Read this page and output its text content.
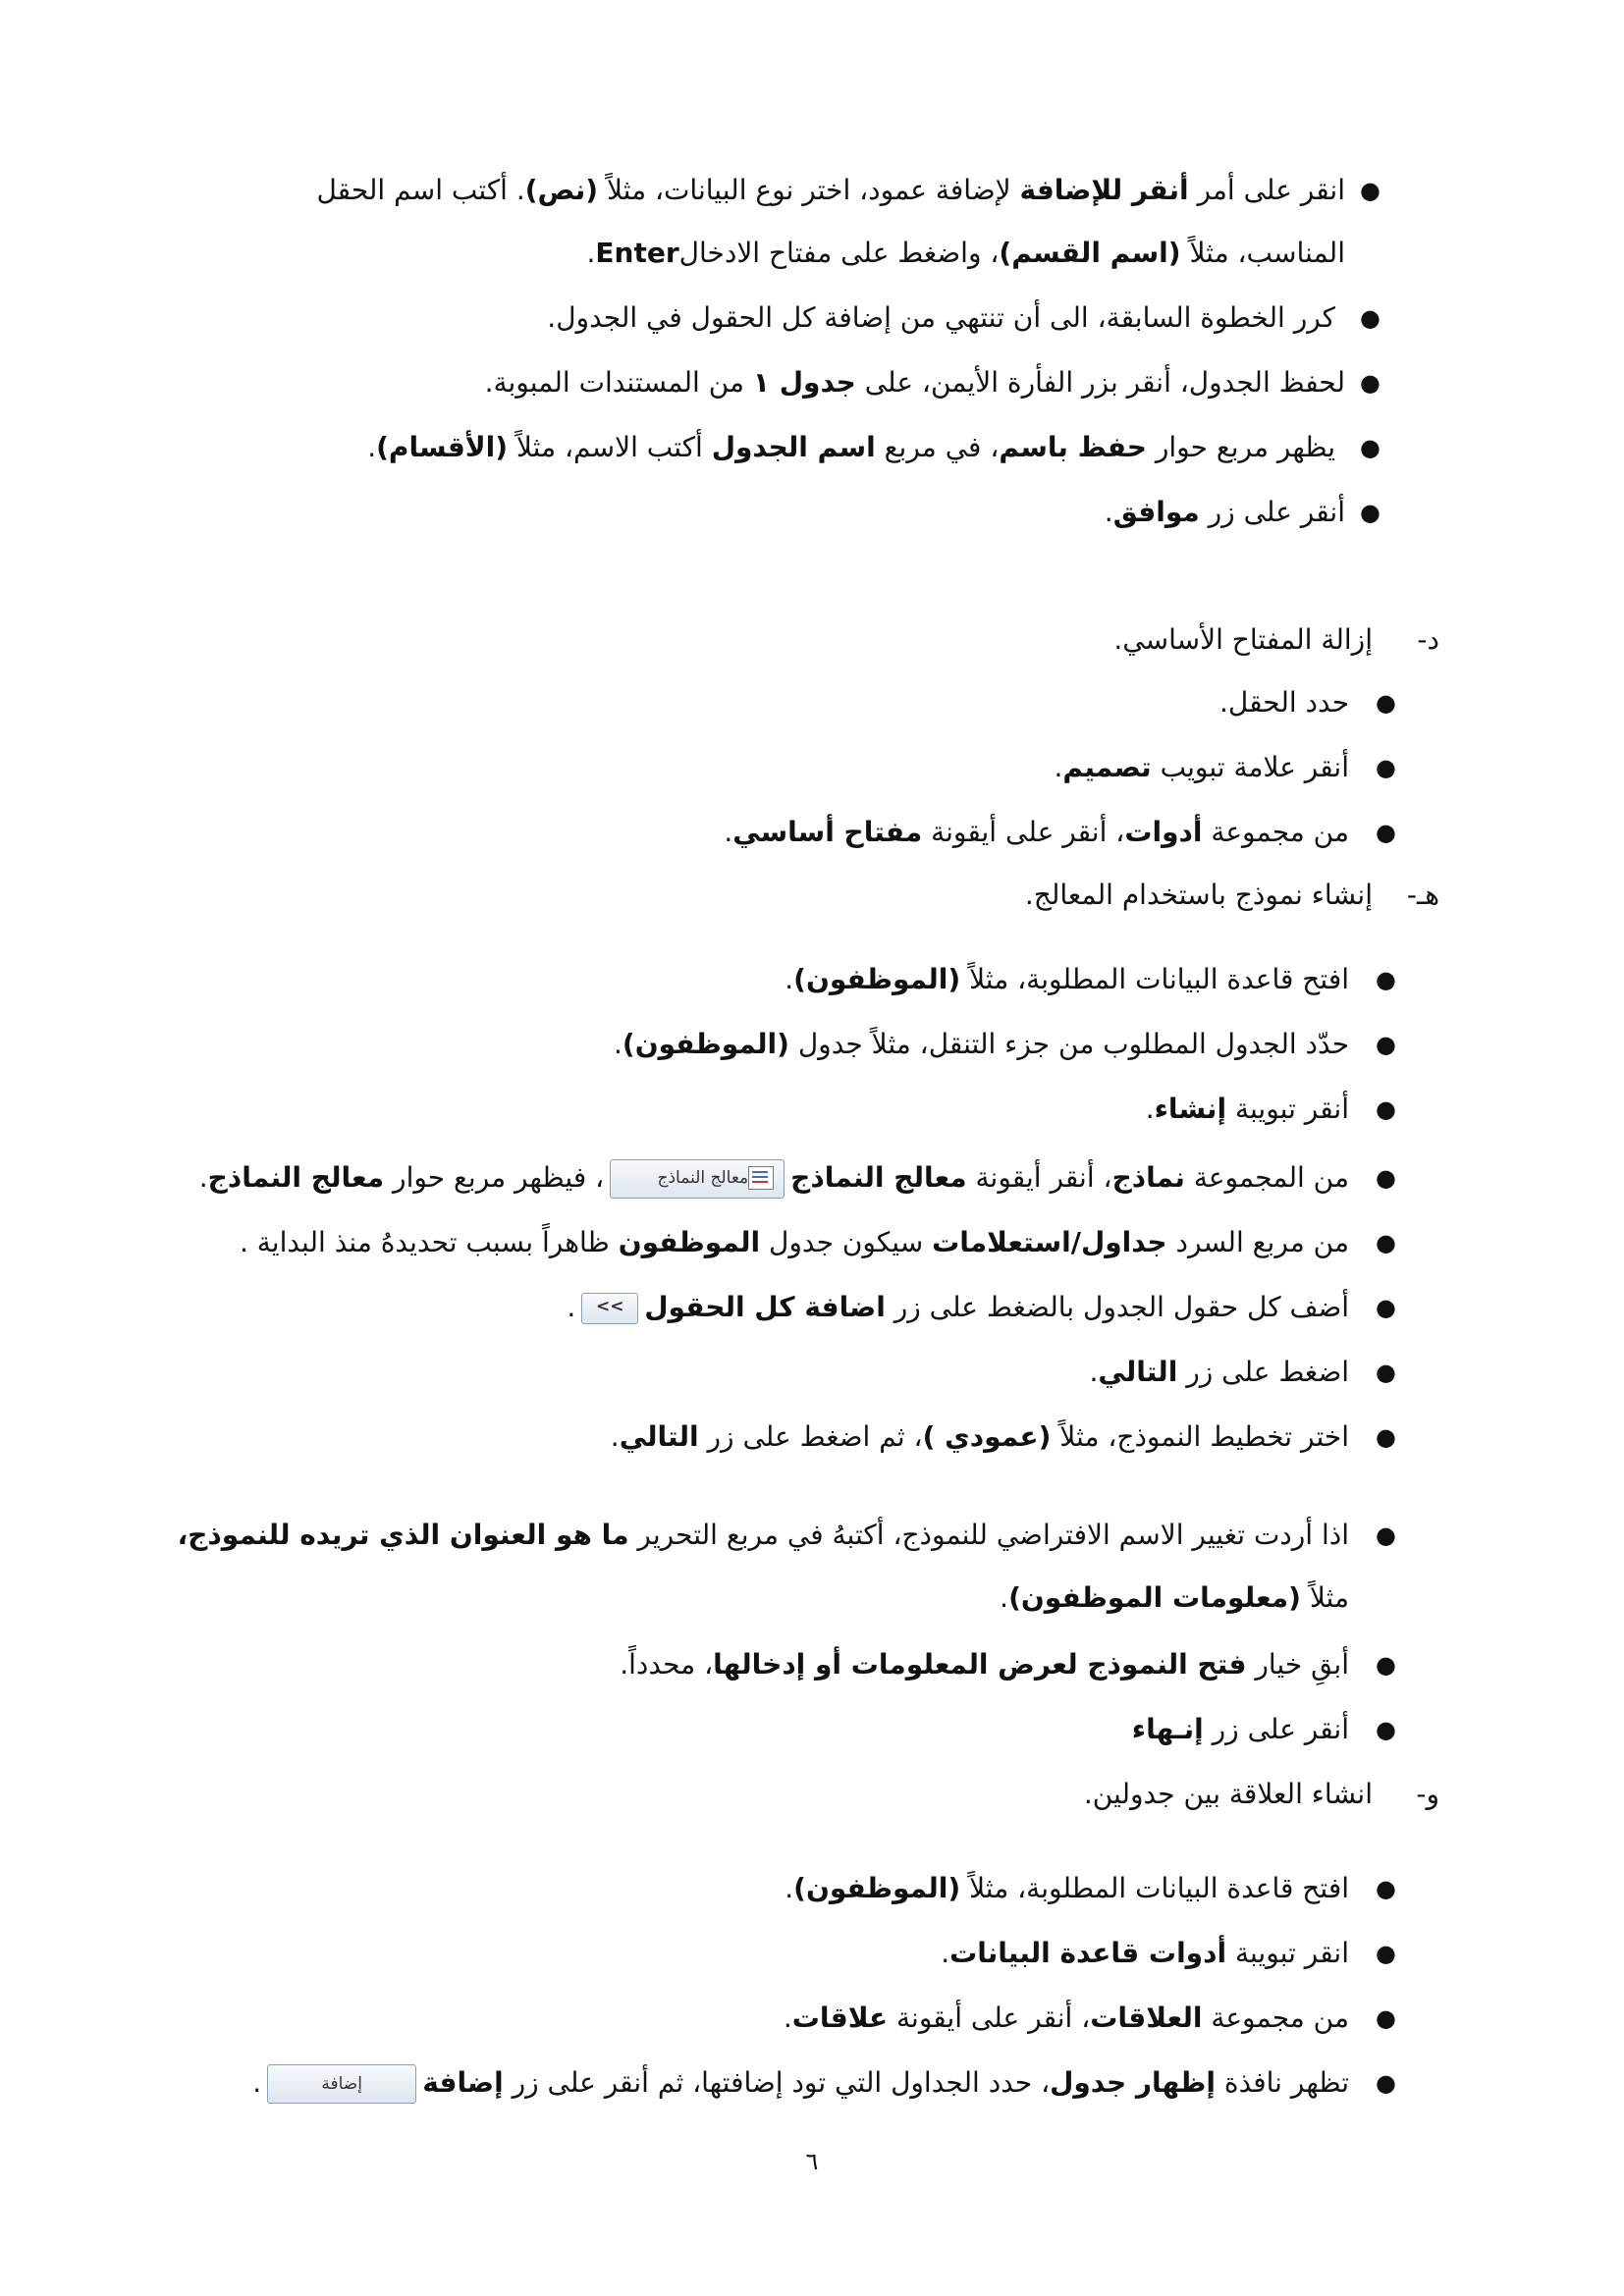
●
انقر على أمر أنقر للإضافة لإضافة عمود، اختر نوع البيانات، مثلاً (نص). أكتب اسم الحقل
المناسب، مثلاً (اسم القسم)، واضغط على مفتاح الادخالEnter.
●
كرر الخطوة السابقة، الى أن تنتهي من إضافة كل الحقول في الجدول.
●
لحفظ الجدول، أنقر بزر الفأرة الأيمن، على جدول ١ من المستندات المبوبة.
●
يظهر مربع حوار حفظ باسم، في مربع اسم الجدول أكتب الاسم، مثلاً (الأقسام).
●
أنقر على زر موافق.
د-
إزالة المفتاح الأساسي.
●
حدد الحقل.
●
أنقر علامة تبويب تصميم.
●
من مجموعة أدوات، أنقر على أيقونة مفتاح أساسي.
هـ-
إنشاء نموذج باستخدام المعالج.
●
افتح قاعدة البيانات المطلوبة، مثلاً (الموظفون).
●
حدّد الجدول المطلوب من جزء التنقل، مثلاً جدول (الموظفون).
●
أنقر تبويبة إنشاء.
●
من المجموعة نماذج، أنقر أيقونة معالج النماذجمعالج النماذج، فيظهر مربع حوار معالج النماذج.
●
من مربع السرد جداول/استعلامات سيكون جدول الموظفون ظاهراً بسبب تحديدهُ منذ البداية .
●
أضف كل حقول الجدول بالضغط على زر اضافة كل الحقول<<.
●
اضغط على زر التالي.
●
اختر تخطيط النموذج، مثلاً (عمودي )، ثم اضغط على زر التالي.
●
اذا أردت تغيير الاسم الافتراضي للنموذج، أكتبهُ في مربع التحرير ما هو العنوان الذي تريده للنموذج،
مثلاً (معلومات الموظفون).
●
أبقِ خيار فتح النموذج لعرض المعلومات أو إدخالها، محدداً.
●
أنقر على زر إنـهاء
و-
انشاء العلاقة بين جدولين.
●
افتح قاعدة البيانات المطلوبة، مثلاً (الموظفون).
●
انقر تبويبة أدوات قاعدة البيانات.
●
من مجموعة العلاقات، أنقر على أيقونة علاقات.
●
تظهر نافذة إظهار جدول، حدد الجداول التي تود إضافتها، ثم أنقر على زر إضافةإضافة.
٦
